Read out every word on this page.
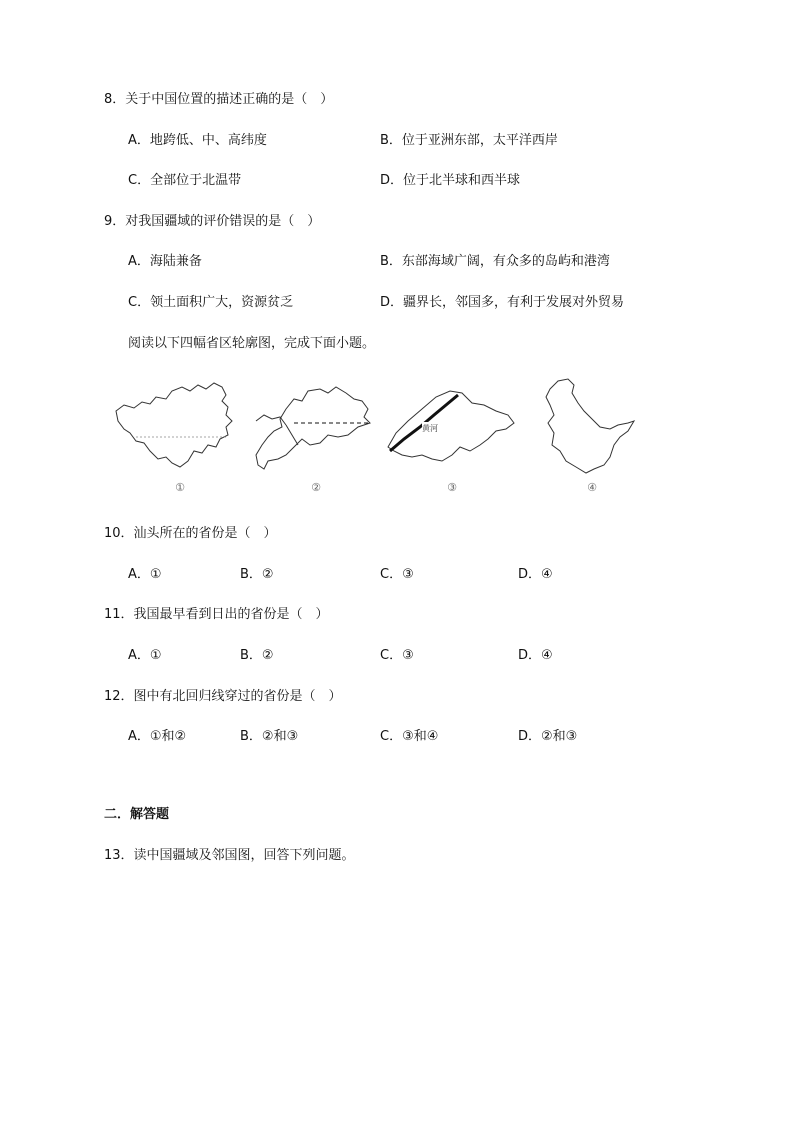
8．关于中国位置的描述正确的是（　）
A．地跨低、中、高纬度	B．位于亚洲东部，太平洋西岸
C．全部位于北温带	D．位于北半球和西半球
9．对我国疆域的评价错误的是（　）
A．海陆兼备	B．东部海域广阔，有众多的岛屿和港湾
C．领土面积广大，资源贫乏	D．疆界长，邻国多，有利于发展对外贸易
阅读以下四幅省区轮廓图，完成下面小题。
①	②
黄河
③	④
10．汕头所在的省份是（　）
A．①	B．②	C．③	D．④
11．我国最早看到日出的省份是（　）
A．①	B．②	C．③	D．④
12．图中有北回归线穿过的省份是（　）
A．①和②	B．②和③	C．③和④	D．②和③
二．解答题
13．读中国疆域及邻国图，回答下列问题。
